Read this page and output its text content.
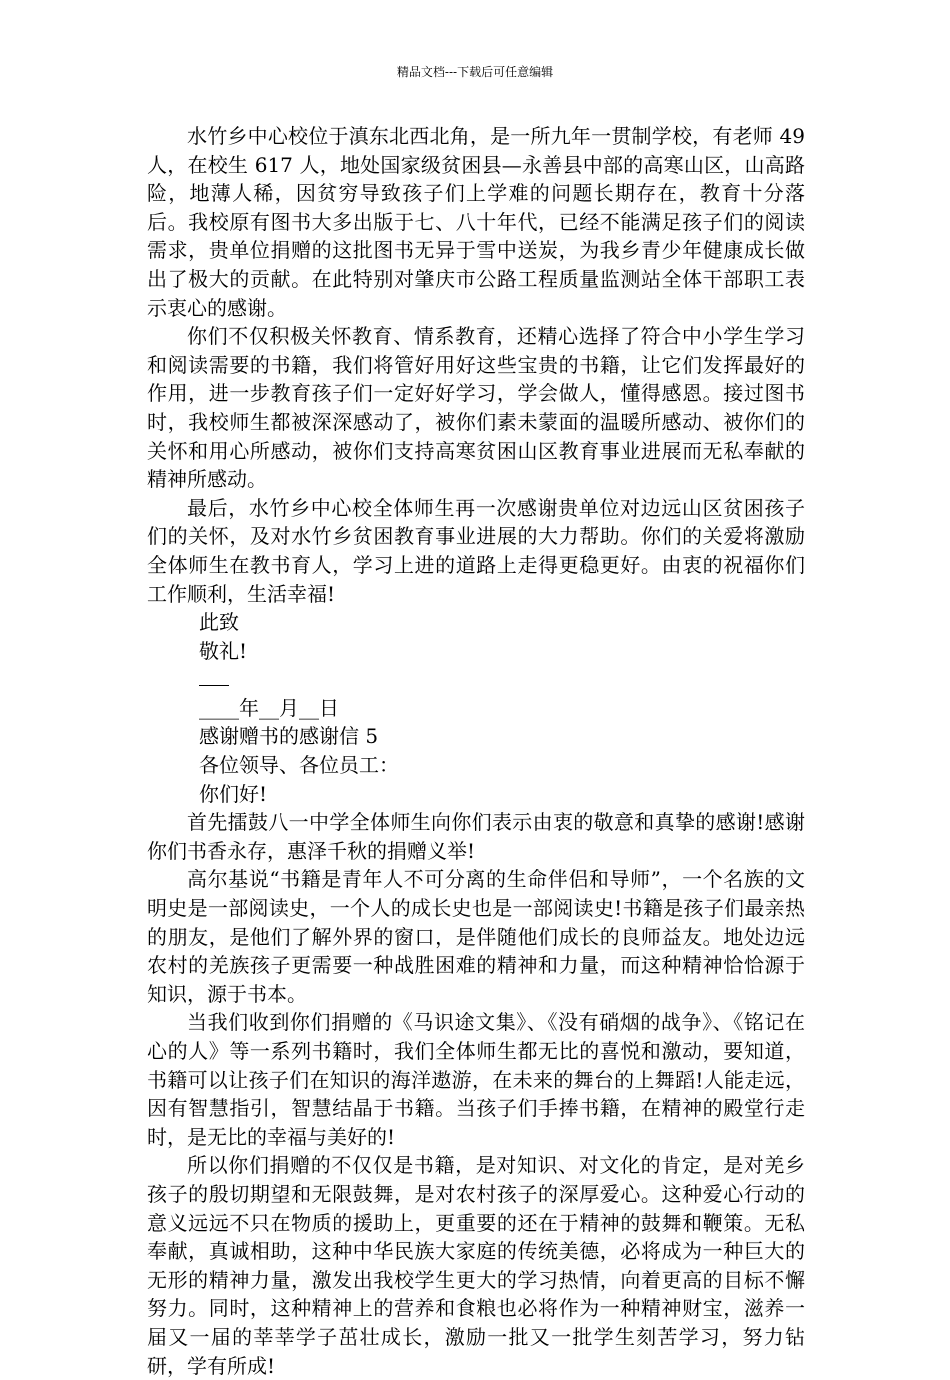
精品文档---下载后可任意编辑

水竹乡中心校位于滇东北西北角，是一所九年一贯制学校，有老师 49 人，在校生 617 人，地处国家级贫困县—永善县中部的高寒山区，山高路险，地薄人稀，因贫穷导致孩子们上学难的问题长期存在，教育十分落后。我校原有图书大多出版于七、八十年代，已经不能满足孩子们的阅读需求，贵单位捐赠的这批图书无异于雪中送炭，为我乡青少年健康成长做出了极大的贡献。在此特别对肇庆市公路工程质量监测站全体干部职工表示衷心的感谢。

你们不仅积极关怀教育、情系教育，还精心选择了符合中小学生学习和阅读需要的书籍，我们将管好用好这些宝贵的书籍，让它们发挥最好的作用，进一步教育孩子们一定好好学习，学会做人，懂得感恩。接过图书时，我校师生都被深深感动了，被你们素未蒙面的温暖所感动、被你们的关怀和用心所感动，被你们支持高寒贫困山区教育事业进展而无私奉献的精神所感动。

最后，水竹乡中心校全体师生再一次感谢贵单位对边远山区贫困孩子们的关怀，及对水竹乡贫困教育事业进展的大力帮助。你们的关爱将激励全体师生在教书育人，学习上进的道路上走得更稳更好。由衷的祝福你们工作顺利，生活幸福!

此致

敬礼!

____年__月__日

感谢赠书的感谢信 5

各位领导、各位员工：

你们好!

首先擂鼓八一中学全体师生向你们表示由衷的敬意和真挚的感谢!感谢你们书香永存，惠泽千秋的捐赠义举!

高尔基说“书籍是青年人不可分离的生命伴侣和导师”，一个名族的文明史是一部阅读史，一个人的成长史也是一部阅读史!书籍是孩子们最亲热的朋友，是他们了解外界的窗口，是伴随他们成长的良师益友。地处边远农村的羌族孩子更需要一种战胜困难的精神和力量，而这种精神恰恰源于知识，源于书本。

当我们收到你们捐赠的《马识途文集》、《没有硝烟的战争》、《铭记在心的人》等一系列书籍时，我们全体师生都无比的喜悦和激动，要知道，书籍可以让孩子们在知识的海洋遨游，在未来的舞台的上舞蹈!人能走远，因有智慧指引，智慧结晶于书籍。当孩子们手捧书籍，在精神的殿堂行走时，是无比的幸福与美好的!

所以你们捐赠的不仅仅是书籍，是对知识、对文化的肯定，是对羌乡孩子的殷切期望和无限鼓舞，是对农村孩子的深厚爱心。这种爱心行动的意义远远不只在物质的援助上，更重要的还在于精神的鼓舞和鞭策。无私奉献，真诚相助，这种中华民族大家庭的传统美德，必将成为一种巨大的无形的精神力量，激发出我校学生更大的学习热情，向着更高的目标不懈努力。同时，这种精神上的营养和食粮也必将作为一种精神财宝，滋养一届又一届的莘莘学子茁壮成长，激励一批又一批学生刻苦学习，努力钻研，学有所成!
